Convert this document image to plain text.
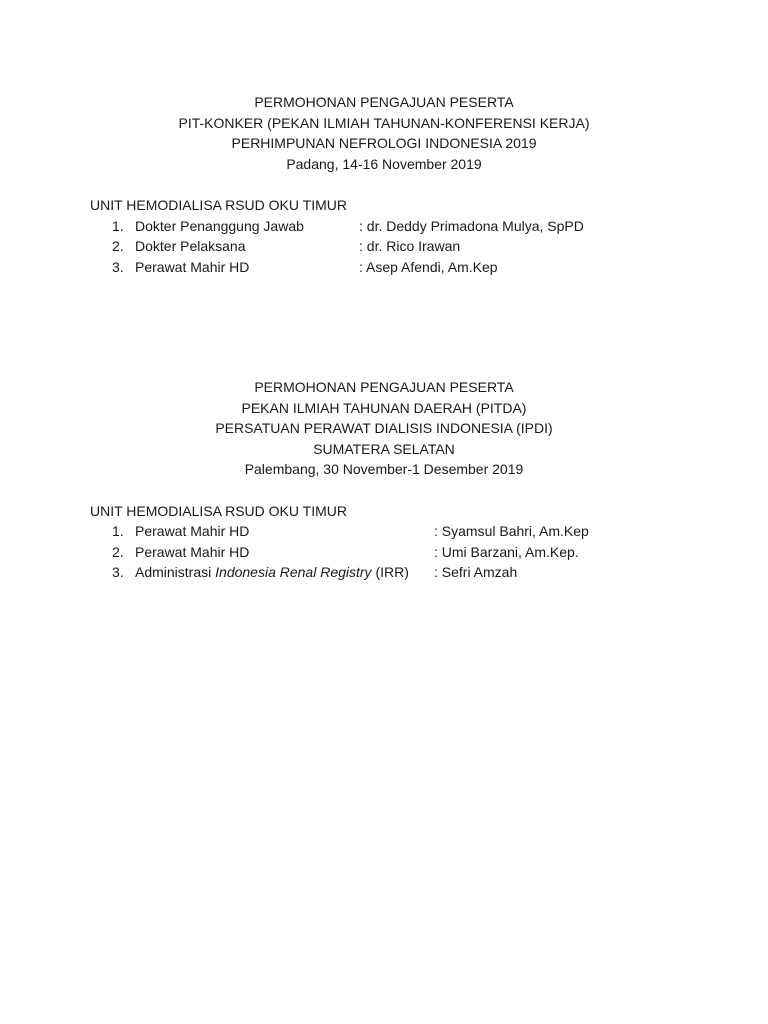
PERMOHONAN PENGAJUAN PESERTA
PIT-KONKER (PEKAN ILMIAH TAHUNAN-KONFERENSI KERJA)
PERHIMPUNAN NEFROLOGI INDONESIA 2019
Padang, 14-16 November 2019
UNIT HEMODIALISA RSUD OKU TIMUR
1. Dokter Penanggung Jawab	: dr. Deddy Primadona Mulya, SpPD
2. Dokter Pelaksana	: dr. Rico Irawan
3. Perawat Mahir HD	: Asep Afendi, Am.Kep
PERMOHONAN PENGAJUAN PESERTA
PEKAN ILMIAH TAHUNAN DAERAH (PITDA)
PERSATUAN PERAWAT DIALISIS INDONESIA (IPDI)
SUMATERA SELATAN
Palembang, 30 November-1 Desember 2019
UNIT HEMODIALISA RSUD OKU TIMUR
1. Perawat Mahir HD	: Syamsul Bahri, Am.Kep
2. Perawat Mahir HD	: Umi Barzani, Am.Kep.
3. Administrasi Indonesia Renal Registry (IRR) : Sefri Amzah
